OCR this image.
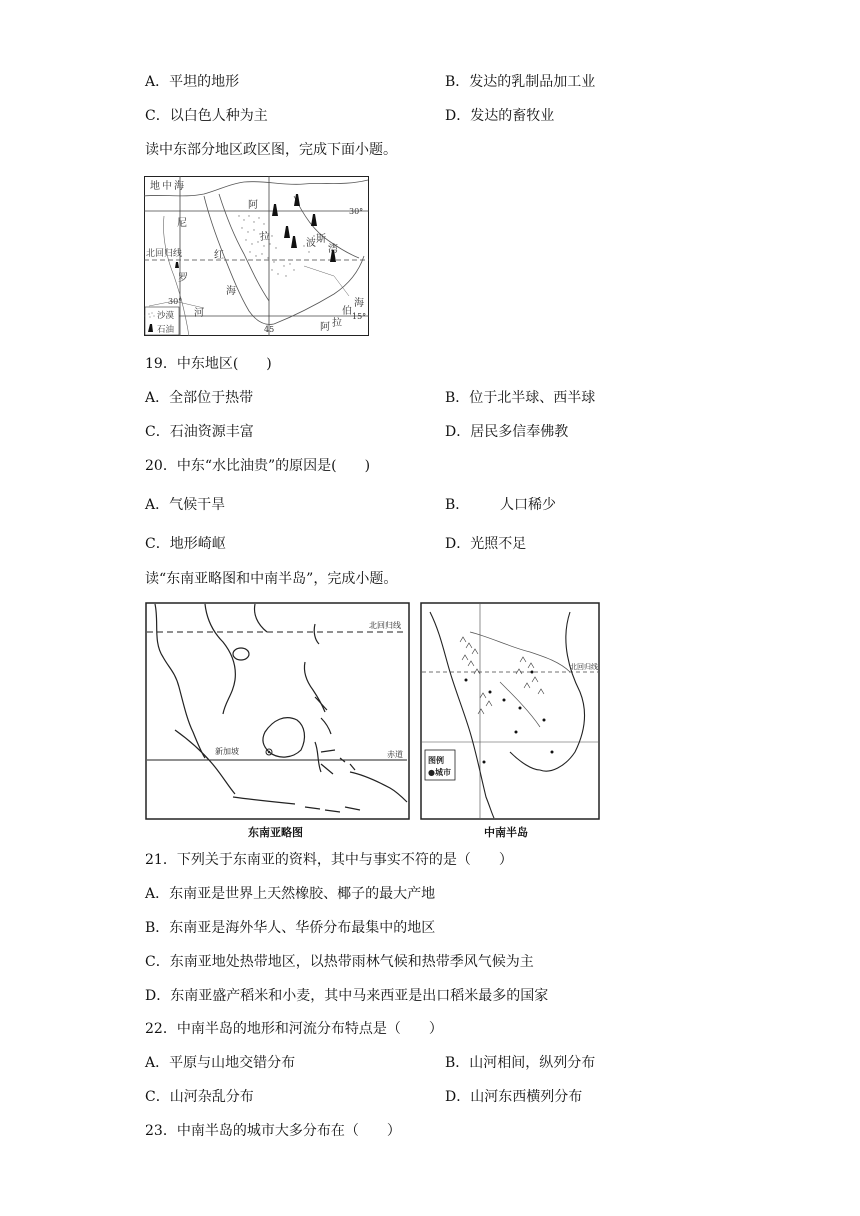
A．平坦的地形	B．发达的乳制品加工业
C．以白色人种为主	D．发达的畜牧业
读中东部分地区政区图，完成下面小题。
地 中 海
30°
尼
罗
河
北回归线	红
海
阿
拉
伯
海
波 斯
湾
15°
30°
45	阿 拉
沙漠
石油
19．中东地区(　　)
A．全部位于热带	B．位于北半球、西半球
C．石油资源丰富	D．居民多信奉佛教
20．中东“水比油贵”的原因是(　　)
A．气候干旱	B． 人口稀少
C．地形崎岖	D．光照不足
读“东南亚略图和中南半岛”，完成小题。
北回归线
新加坡	赤道
东南亚略图
北回归线
图例
●城市
中南半岛
21．下列关于东南亚的资料，其中与事实不符的是（　　）
A．东南亚是世界上天然橡胶、椰子的最大产地
B．东南亚是海外华人、华侨分布最集中的地区
C．东南亚地处热带地区，以热带雨林气候和热带季风气候为主
D．东南亚盛产稻米和小麦，其中马来西亚是出口稻米最多的国家
22．中南半岛的地形和河流分布特点是（　　）
A．平原与山地交错分布	B．山河相间，纵列分布
C．山河杂乱分布	D．山河东西横列分布
23．中南半岛的城市大多分布在（　　）
